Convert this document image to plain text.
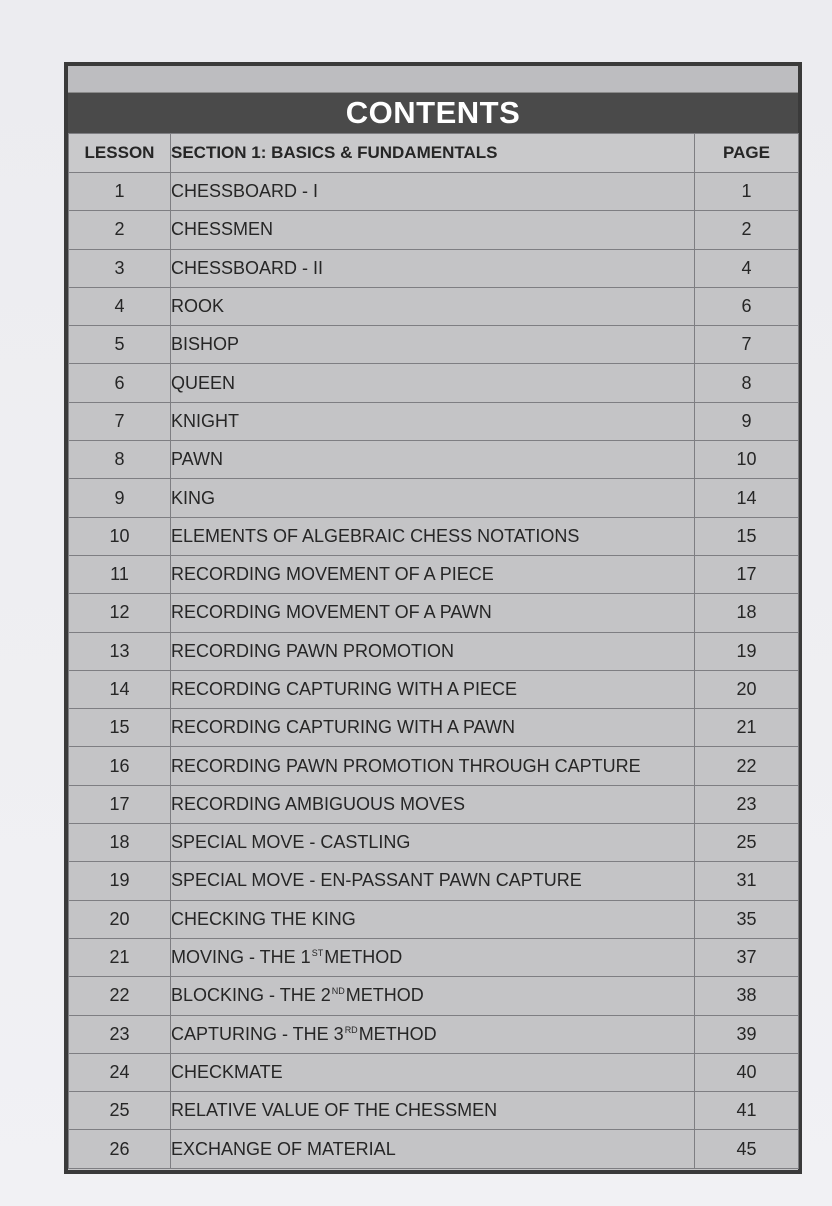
CONTENTS
LESSON	SECTION 1: BASICS & FUNDAMENTALS	PAGE
1	CHESSBOARD - I	1
2	CHESSMEN	2
3	CHESSBOARD - II	4
4	ROOK	6
5	BISHOP	7
6	QUEEN	8
7	KNIGHT	9
8	PAWN	10
9	KING	14
10	ELEMENTS OF ALGEBRAIC CHESS NOTATIONS	15
11	RECORDING MOVEMENT OF A PIECE	17
12	RECORDING MOVEMENT OF A PAWN	18
13	RECORDING PAWN PROMOTION	19
14	RECORDING CAPTURING WITH A PIECE	20
15	RECORDING CAPTURING WITH A PAWN	21
16	RECORDING PAWN PROMOTION THROUGH CAPTURE	22
17	RECORDING AMBIGUOUS MOVES	23
18	SPECIAL MOVE - CASTLING	25
19	SPECIAL MOVE - EN-PASSANT PAWN CAPTURE	31
20	CHECKING THE KING	35
21	MOVING - THE 1STMETHOD	37
22	BLOCKING - THE 2NDMETHOD	38
23	CAPTURING - THE 3RDMETHOD	39
24	CHECKMATE	40
25	RELATIVE VALUE OF THE CHESSMEN	41
26	EXCHANGE OF MATERIAL	45
